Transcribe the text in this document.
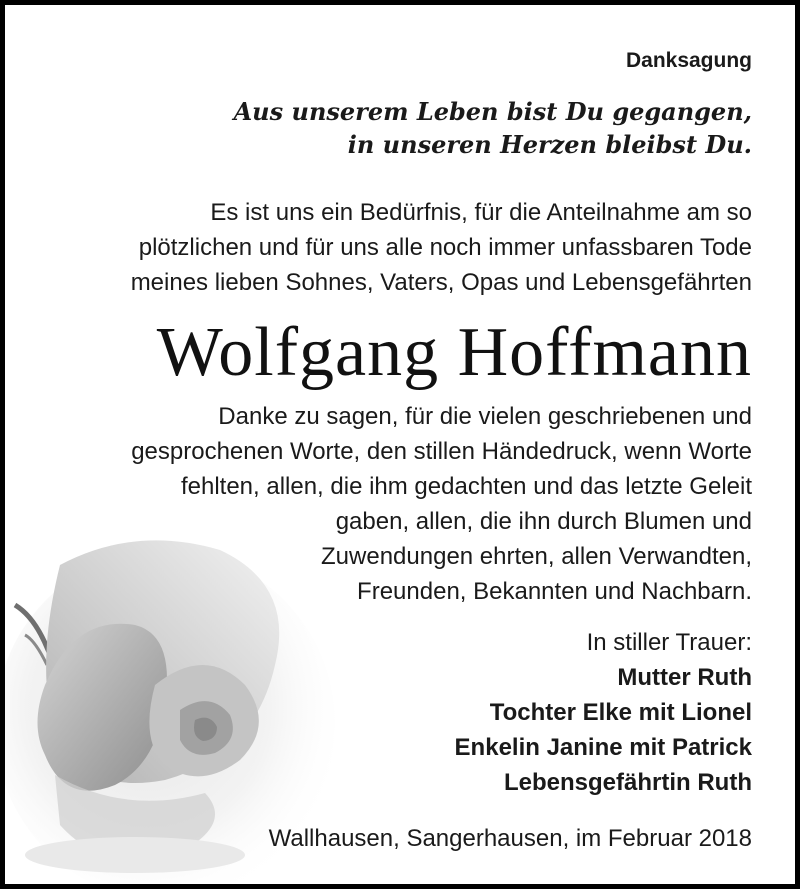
Danksagung
Aus unserem Leben bist Du gegangen,
in unseren Herzen bleibst Du.
Es ist uns ein Bedürfnis, für die Anteilnahme am so
plötzlichen und für uns alle noch immer unfassbaren Tode
meines lieben Sohnes, Vaters, Opas und Lebensgefährten
Wolfgang Hoffmann
Danke zu sagen, für die vielen geschriebenen und
gesprochenen Worte, den stillen Händedruck, wenn Worte
fehlten, allen, die ihm gedachten und das letzte Geleit
gaben, allen, die ihn durch Blumen und
Zuwendungen ehrten, allen Verwandten,
Freunden, Bekannten und Nachbarn.
In stiller Trauer:
Mutter Ruth
Tochter Elke mit Lionel
Enkelin Janine mit Patrick
Lebensgefährtin Ruth
Wallhausen, Sangerhausen, im Februar 2018
